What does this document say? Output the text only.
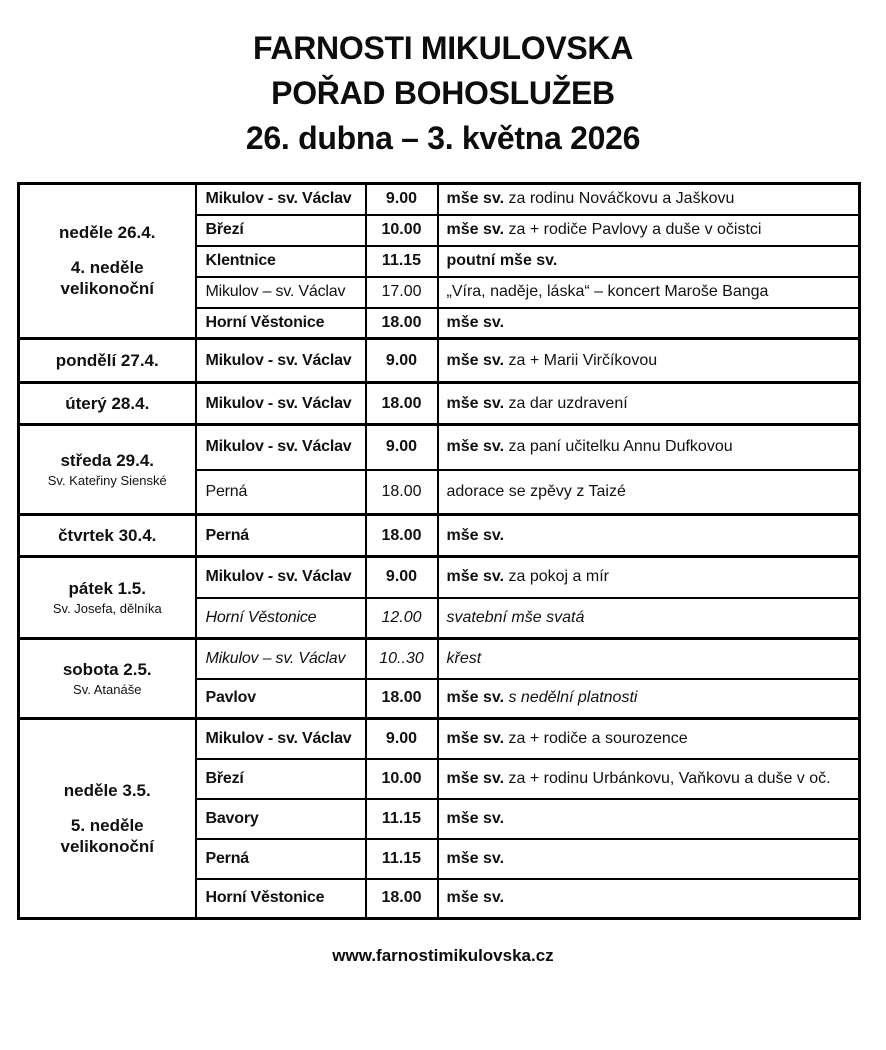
FARNOSTI MIKULOVSKA
POŘAD BOHOSLUŽEB
26. dubna – 3. května 2026
neděle 26.4.
4. neděle velikonoční	Mikulov - sv. Václav	9.00	mše sv. za rodinu Nováčkovu a Jaškovu
	Březí	10.00	mše sv. za + rodiče Pavlovy a duše v očistci
	Klentnice	11.15	poutní mše sv.
	Mikulov – sv. Václav	17.00	„Víra, naděje, láska“ – koncert Maroše Banga
	Horní Věstonice	18.00	mše sv.

pondělí 27.4.	Mikulov - sv. Václav	9.00	mše sv. za + Marii Virčíkovou

úterý 28.4.	Mikulov - sv. Václav	18.00	mše sv. za dar uzdravení

středa 29.4.
Sv. Kateřiny Sienské	Mikulov - sv. Václav	9.00	mše sv. za paní učitelku Annu Dufkovou
	Perná	18.00	adorace se zpěvy z Taizé

čtvrtek 30.4.	Perná	18.00	mše sv.

pátek 1.5.
Sv. Josefa, dělníka	Mikulov - sv. Václav	9.00	mše sv. za pokoj a mír
	Horní Věstonice	12.00	svatební mše svatá

sobota 2.5.
Sv. Atanáše	Mikulov – sv. Václav	10..30	křest
	Pavlov	18.00	mše sv. s nedělní platnosti

neděle 3.5.
5. neděle velikonoční	Mikulov - sv. Václav	9.00	mše sv. za + rodiče a sourozence
	Březí	10.00	mše sv. za + rodinu Urbánkovu, Vaňkovu a duše v oč.
	Bavory	11.15	mše sv.
	Perná	11.15	mše sv.
	Horní Věstonice	18.00	mše sv.
www.farnostimikulovska.cz
